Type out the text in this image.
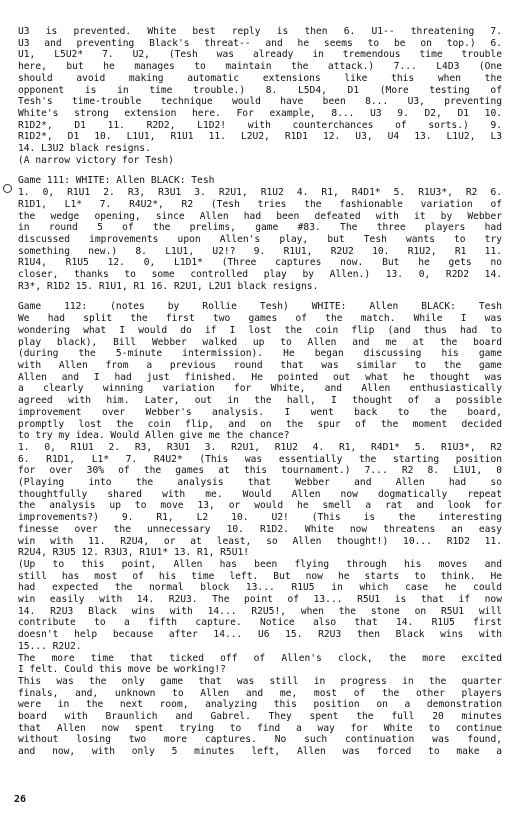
U3 is prevented. White best reply is then 6. U1-- threatening 7.
U3 and preventing Black's threat-- and he seems to be on top.) 6.
U1, L5U2* 7. U2, (Tesh was already in tremendous time trouble
here, but he manages to maintain the attack.) 7... L4D3 (One
should avoid making automatic extensions like this when the
opponent is in time trouble.) 8. L5D4, D1 (More testing of
Tesh's time-trouble technique would have been 8... U3, preventing
White's strong extension here. For example, 8... U3 9. D2, D1 10.
R1D2*, D1 11. R2D2, L1D2! with counterchances of sorts.) 9.
R1D2*, D1 10. L1U1, R1U1 11. L2U2, R1D1 12. U3, U4 13. L1U2, L3
14. L3U2 black resigns.
(A narrow victory for Tesh)
Game 111: WHITE: Allen BLACK: Tesh
1. 0, R1U1 2. R3, R3U1 3. R2U1, R1U2 4. R1, R4D1* 5. R1U3*, R2 6.
R1D1, L1* 7. R4U2*, R2 (Tesh tries the fashionable variation of
the wedge opening, since Allen had been defeated with it by Webber
in round 5 of the prelims, game #83. The three players had
discussed improvements upon Allen's play, but Tesh wants to try
something new.) 8. L1U1, U2!? 9. R1U1, R2U2 10. R1U2, R1 11.
R1U4, R1U5 12. 0, L1D1* (Three captures now. But he gets no
closer, thanks to some controlled play by Allen.) 13. 0, R2D2 14.
R3*, R1D2 15. R1U1, R1 16. R2U1, L2U1 black resigns.
Game 112: (notes by Rollie Tesh) WHITE: Allen BLACK: Tesh
We had split the first two games of the match. While I was
wondering what I would do if I lost the coin flip (and thus had to
play black), Bill Webber walked up to Allen and me at the board
(during the 5-minute intermission). He began discussing his game
with Allen from a previous round that was similar to the game
Allen and I had just finished. He pointed out what he thought was
a clearly winning variation for White, and Allen enthusiastically
agreed with him. Later, out in the hall, I thought of a possible
improvement over Webber's analysis. I went back to the board,
promptly lost the coin flip, and on the spur of the moment decided
to try my idea. Would Allen give me the chance?
1. 0, R1U1 2. R3, R3U1 3. R2U1, R1U2 4. R1, R4D1* 5. R1U3*, R2
6. R1D1, L1* 7. R4U2* (This was essentially the starting position
for over 30% of the games at this tournament.) 7... R2 8. L1U1, 0
(Playing into the analysis that Webber and Allen had so
thoughtfully shared with me. Would Allen now dogmatically repeat
the analysis up to move 13, or would he smell a rat and look for
improvements?) 9. R1, L2 10. U2! (This is the interesting
finesse over the unnecessary 10. R1D2. White now threatens an easy
win with 11. R2U4, or at least, so Allen thought!) 10... R1D2 11.
R2U4, R3U5 12. R3U3, R1U1* 13. R1, R5U1!
(Up to this point, Allen has been flying through his moves and
still has most of his time left. But now he starts to think. He
had expected the normal block 13... R1U5 in which case he could
win easily with 14. R2U3. The point of 13... R5U1 is that if now
14. R2U3 Black wins with 14... R2U5!, when the stone on R5U1 will
contribute to a fifth capture. Notice also that 14. R1U5 first
doesn't help because after 14... U6 15. R2U3 then Black wins with
15... R2U2.
The more time that ticked off of Allen's clock, the more excited
I felt. Could this move be working!?
This was the only game that was still in progress in the quarter
finals, and, unknown to Allen and me, most of the other players
were in the next room, analyzing this position on a demonstration
board with Braunlich and Gabrel. They spent the full 20 minutes
that Allen now spent trying to find a way for White to continue
without losing two more captures. No such continuation was found,
and now, with only 5 minutes left, Allen was forced to make a
26
